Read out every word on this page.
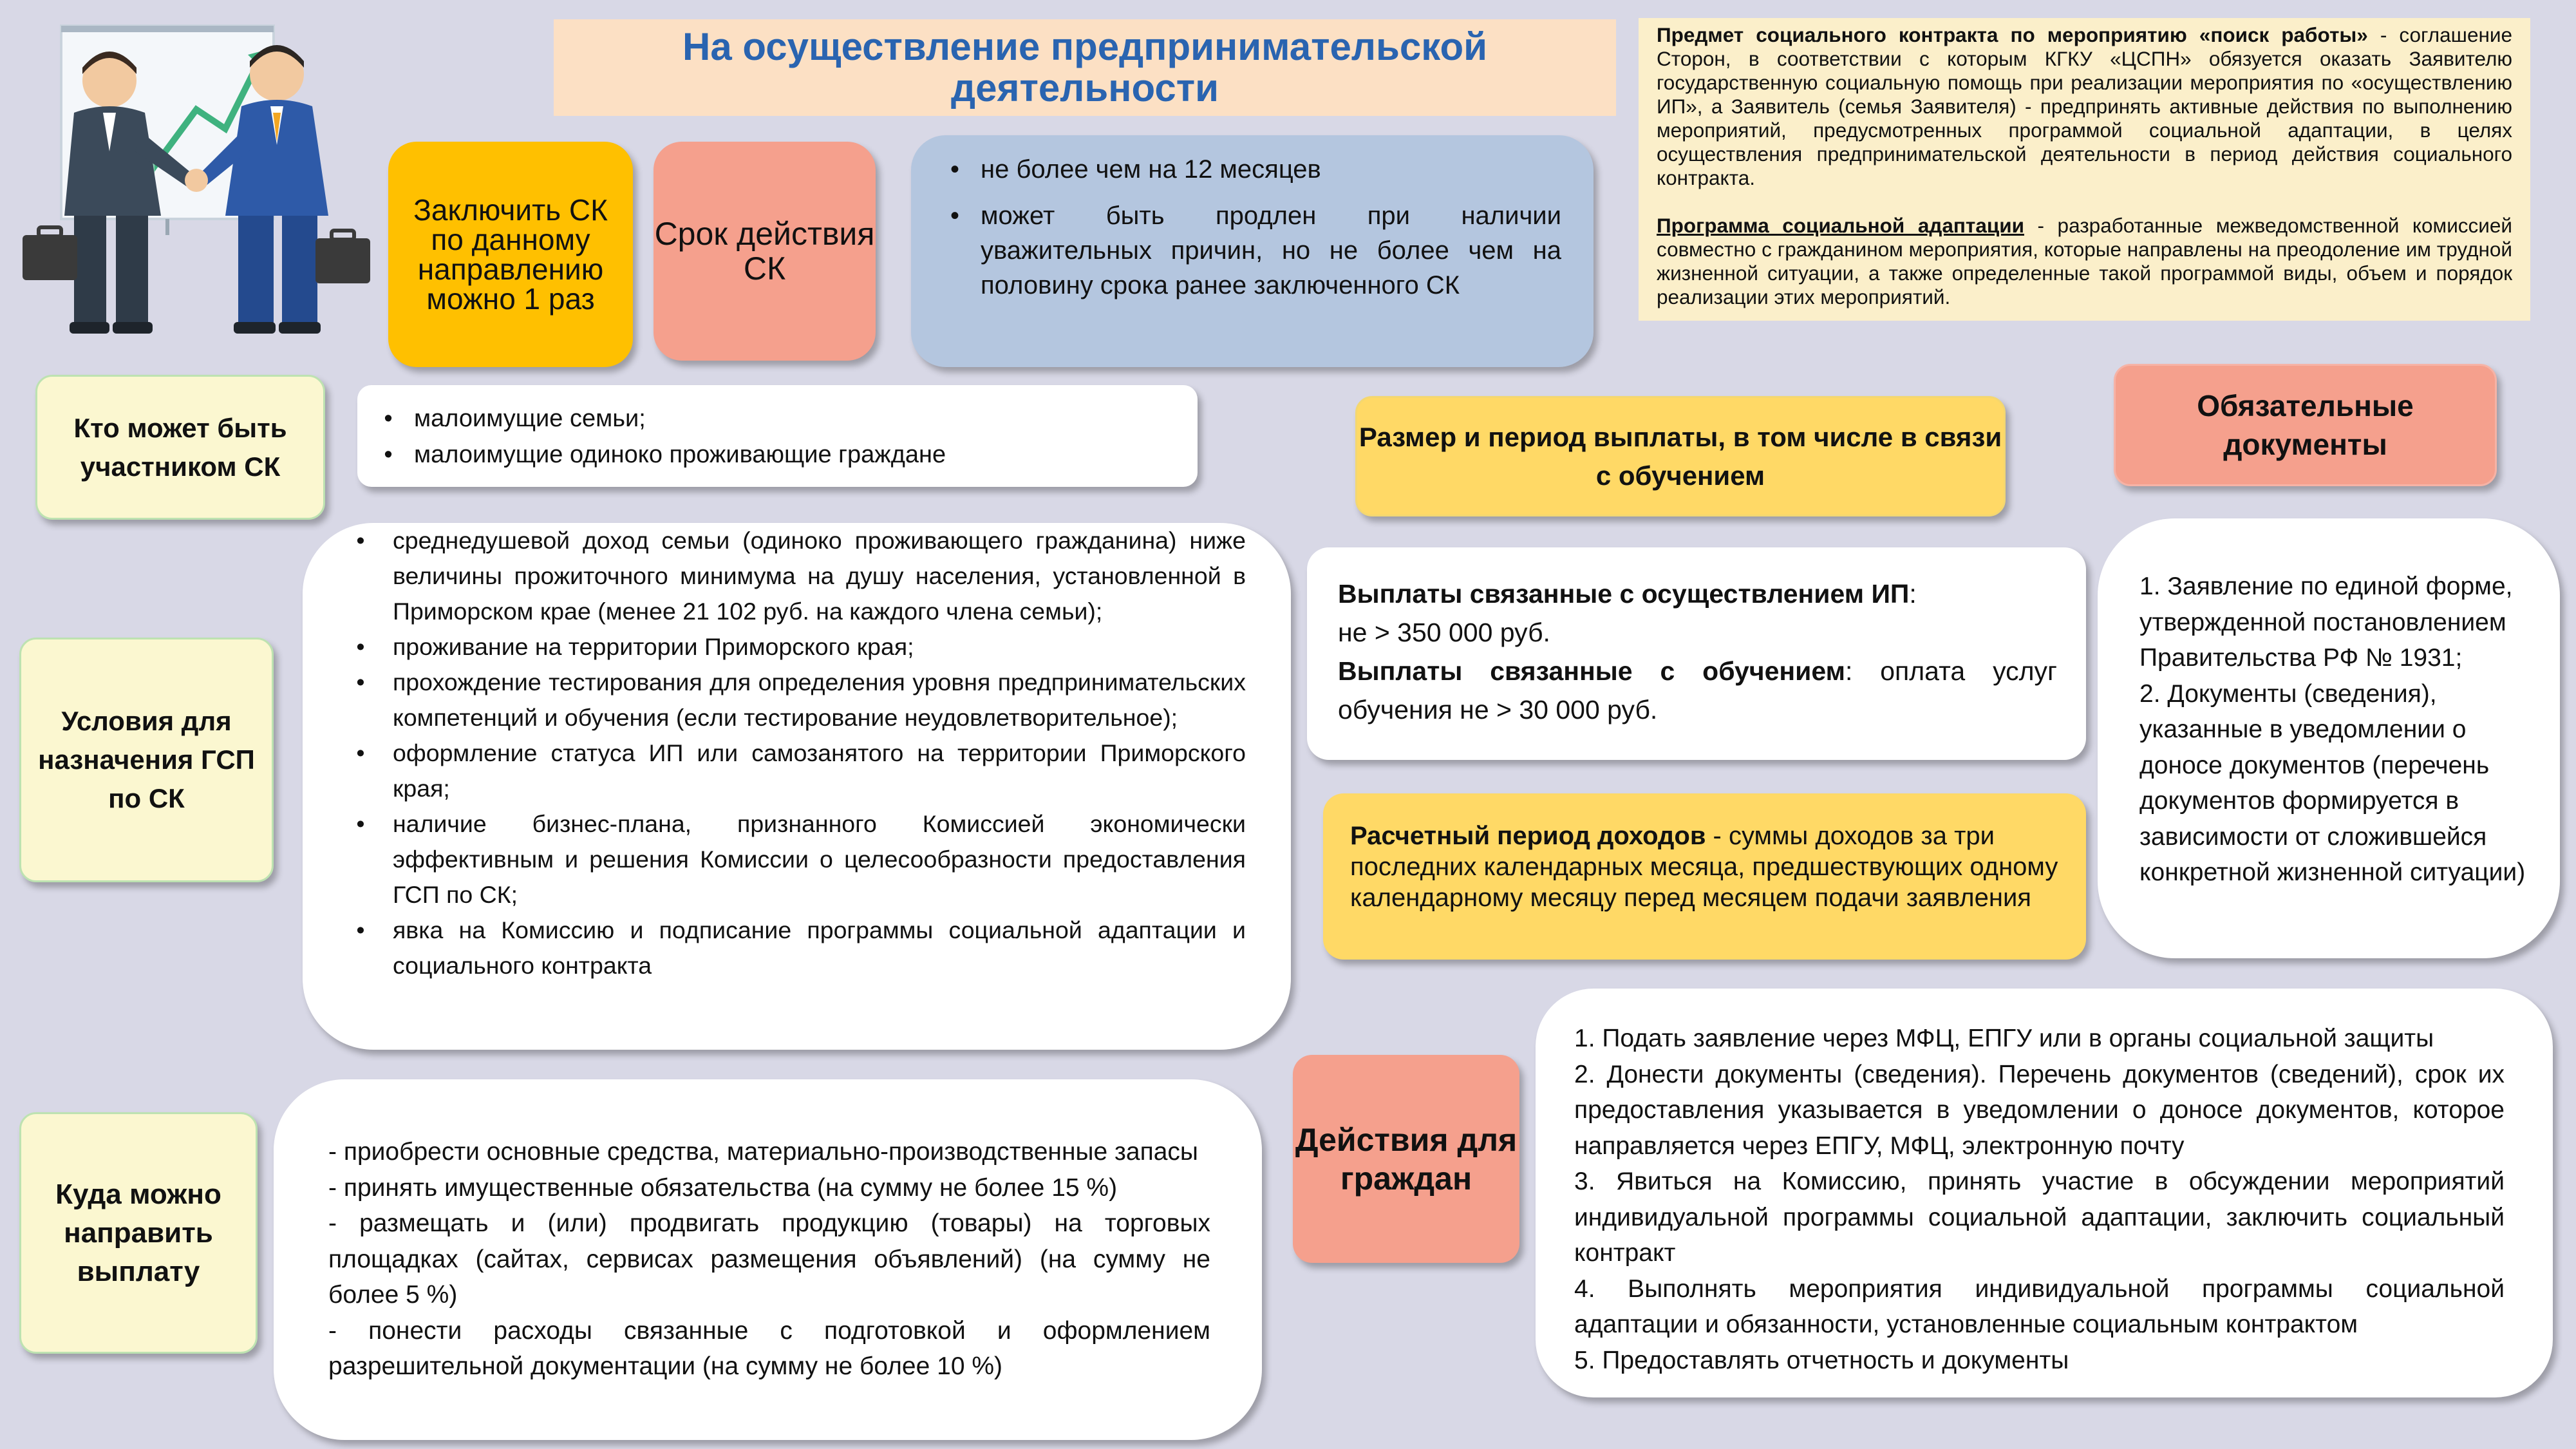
На осуществление предпринимательской деятельности

Предмет социального контракта по мероприятию «поиск работы» - соглашение Сторон, в соответствии с которым КГКУ «ЦСПН» обязуется оказать Заявителю государственную социальную помощь при реализации мероприятия по «осуществлению ИП», а Заявитель (семья Заявителя) - предпринять активные действия по выполнению мероприятий, предусмотренных программой социальной адаптации, в целях осуществления предпринимательской деятельности в период действия социального контракта.

Программа социальной адаптации - разработанные межведомственной комиссией совместно с гражданином мероприятия, которые направлены на преодоление им трудной жизненной ситуации, а также определенные такой программой виды, объем и порядок реализации этих мероприятий.

Заключить СК по данному направлению можно 1 раз
Срок действия СК
• не более чем на 12 месяцев
• может быть продлен при наличии уважительных причин, но не более чем на половину срока ранее заключенного СК
Кто может быть участником СК
• малоимущие семьи;
• малоимущие одиноко проживающие граждане
Условия для назначения ГСП по СК
• среднедушевой доход семьи (одиноко проживающего гражданина) ниже величины прожиточного минимума на душу населения, установленной в Приморском крае (менее 21 102 руб. на каждого члена семьи);
• проживание на территории Приморского края;
• прохождение тестирования для определения уровня предпринимательских компетенций и обучения (если тестирование неудовлетворительное);
• оформление статуса ИП или самозанятого на территории Приморского края;
• наличие бизнес-плана, признанного Комиссией экономически эффективным и решения Комиссии о целесообразности предоставления ГСП по СК;
• явка на Комиссию и подписание программы социальной адаптации и социального контракта
Куда можно направить выплату

- приобрести основные средства, материально-производственные запасы

- принять имущественные обязательства (на сумму не более 15 %)

- размещать и (или) продвигать продукцию (товары) на торговых площадках (сайтах, сервисах размещения объявлений) (на сумму не более 5 %)

- понести расходы связанные с подготовкой и оформлением разрешительной документации (на сумму не более 10 %)

Размер и период выплаты, в том числе в связи с обучением

Выплаты связанные с осуществлением ИП:

не > 350 000 руб.

Выплаты связанные с обучением: оплата услуг обучения не > 30 000 руб.

Расчетный период доходов - суммы доходов за три последних календарных месяца, предшествующих одному календарному месяцу перед месяцем подачи заявления
Обязательные документы

1. Заявление по единой форме, утвержденной постановлением Правительства РФ № 1931;

2. Документы (сведения), указанные в уведомлении о доносе документов (перечень документов формируется в зависимости от сложившейся конкретной жизненной ситуации)

Действия для граждан

1. Подать заявление через МФЦ, ЕПГУ или в органы социальной защиты

2. Донести документы (сведения). Перечень документов (сведений), срок их предоставления указывается в уведомлении о доносе документов, которое направляется через ЕПГУ, МФЦ, электронную почту

3. Явиться на Комиссию, принять участие в обсуждении мероприятий индивидуальной программы социальной адаптации, заключить социальный контракт

4. Выполнять мероприятия индивидуальной программы социальной адаптации и обязанности, установленные социальным контрактом

5. Предоставлять отчетность и документы
